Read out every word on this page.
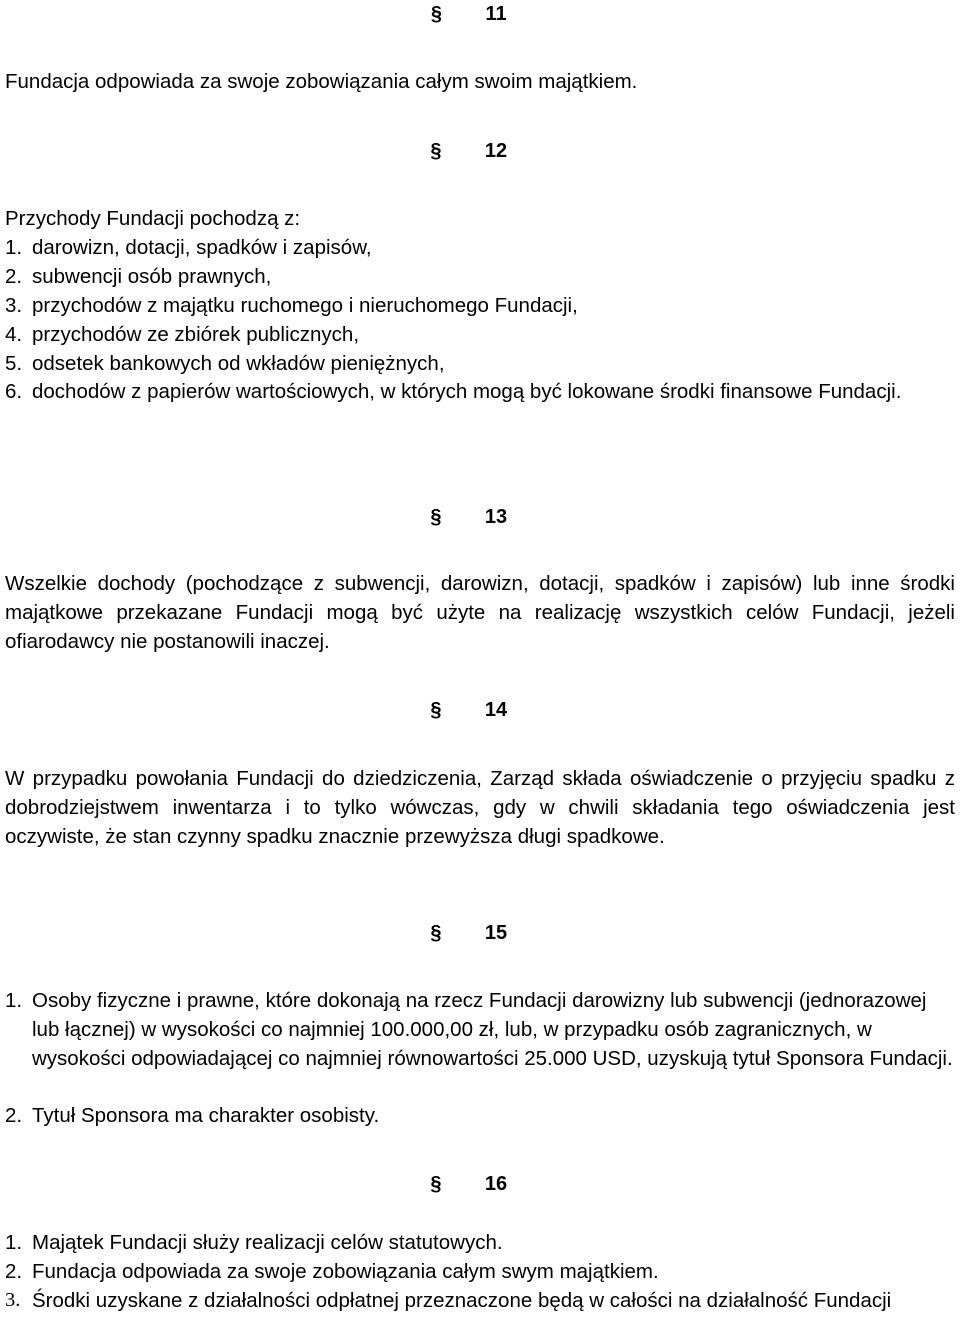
§ 11
Fundacja odpowiada za swoje zobowiązania całym swoim majątkiem.
§ 12
Przychody Fundacji pochodzą z:
1. darowizn, dotacji, spadków i zapisów,
2. subwencji osób prawnych,
3. przychodów z majątku ruchomego i nieruchomego Fundacji,
4. przychodów ze zbiórek publicznych,
5. odsetek bankowych od wkładów pieniężnych,
6. dochodów z papierów wartościowych, w których mogą być lokowane środki finansowe Fundacji.
§ 13
Wszelkie dochody (pochodzące z subwencji, darowizn, dotacji, spadków i zapisów) lub inne środki majątkowe przekazane Fundacji mogą być użyte na realizację wszystkich celów Fundacji, jeżeli ofiarodawcy nie postanowili inaczej.
§ 14
W przypadku powołania Fundacji do dziedziczenia, Zarząd składa oświadczenie o przyjęciu spadku z dobrodziejstwem inwentarza i to tylko wówczas, gdy w chwili składania tego oświadczenia jest oczywiste, że stan czynny spadku znacznie przewyższa długi spadkowe.
§ 15
1. Osoby fizyczne i prawne, które dokonają na rzecz Fundacji darowizny lub subwencji (jednorazowej lub łącznej) w wysokości co najmniej 100.000,00 zł, lub, w przypadku osób zagranicznych, w wysokości odpowiadającej co najmniej równowartości 25.000 USD, uzyskują tytuł Sponsora Fundacji.
2. Tytuł Sponsora ma charakter osobisty.
§ 16
1. Majątek Fundacji służy realizacji celów statutowych.
2. Fundacja odpowiada za swoje zobowiązania całym swym majątkiem.
3. Środki uzyskane z działalności odpłatnej przeznaczone będą w całości na działalność Fundacji
